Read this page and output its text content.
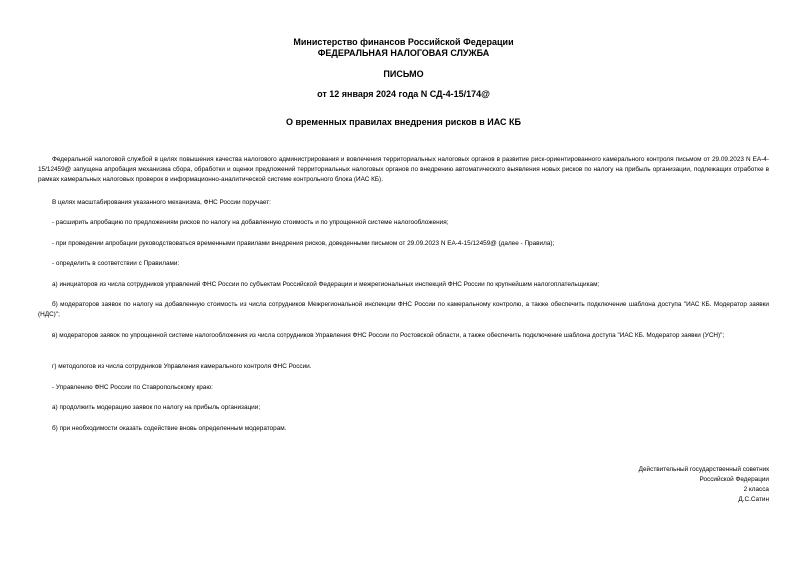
Министерство финансов Российской Федерации
ФЕДЕРАЛЬНАЯ НАЛОГОВАЯ СЛУЖБА
ПИСЬМО
от 12 января 2024 года N СД-4-15/174@
О временных правилах внедрения рисков в ИАС КБ
Федеральной налоговой службой в целях повышения качества налогового администрирования и вовлечения территориальных налоговых органов в развитие риск-ориентированного камерального контроля письмом от 29.09.2023 N ЕА-4-15/12459@ запущена апробация механизма сбора, обработки и оценки предложений территориальных налоговых органов по внедрению автоматического выявления новых рисков по налогу на прибыль организации, подлежащих отработке в рамках камеральных налоговых проверок в информационно-аналитической системе контрольного блока (ИАС КБ).
В целях масштабирования указанного механизма, ФНС России поручает:
- расширить апробацию по предложениям рисков по налогу на добавленную стоимость и по упрощенной системе налогообложения;
- при проведении апробации руководствоваться временными правилами внедрения рисков, доведенными письмом от 29.09.2023 N ЕА-4-15/12459@ (далее - Правила);
- определить в соответствии с Правилами:
а) инициаторов из числа сотрудников управлений ФНС России по субъектам Российской Федерации и межрегиональных инспекций ФНС России по крупнейшим налогоплательщикам;
б) модераторов заявок по налогу на добавленную стоимость из числа сотрудников Межрегиональной инспекции ФНС России по камеральному контролю, а также обеспечить подключение шаблона доступа "ИАС КБ. Модератор заявки (НДС)";
в) модераторов заявок по упрощенной системе налогообложения из числа сотрудников Управления ФНС России по Ростовской области, а также обеспечить подключение шаблона доступа "ИАС КБ. Модератор заявки (УСН)";
г) методологов из числа сотрудников Управления камерального контроля ФНС России.
- Управлению ФНС России по Ставропольскому краю:
а) продолжить модерацию заявок по налогу на прибыль организации;
б) при необходимости оказать содействие вновь определенным модераторам.
Действительный государственный советник
Российской Федерации
2 класса
Д.С.Сатин
